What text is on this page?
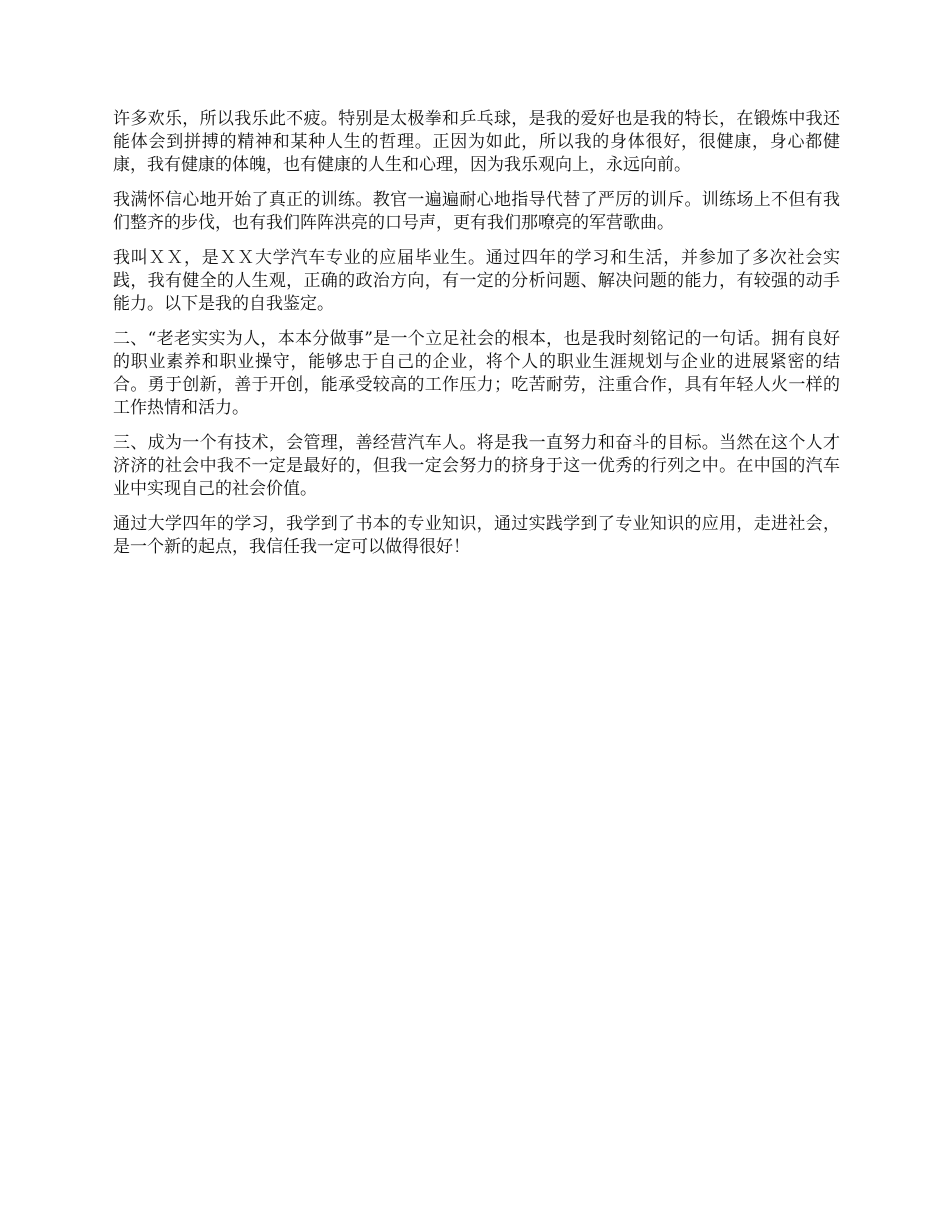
许多欢乐，所以我乐此不疲。特别是太极拳和乒乓球，是我的爱好也是我的特长，在锻炼中我还能体会到拼搏的精神和某种人生的哲理。正因为如此，所以我的身体很好，很健康，身心都健康，我有健康的体魄，也有健康的人生和心理，因为我乐观向上，永远向前。

我满怀信心地开始了真正的训练。教官一遍遍耐心地指导代替了严厉的训斥。训练场上不但有我们整齐的步伐，也有我们阵阵洪亮的口号声，更有我们那嘹亮的军营歌曲。

我叫ＸＸ，是ＸＸ大学汽车专业的应届毕业生。通过四年的学习和生活，并参加了多次社会实践，我有健全的人生观，正确的政治方向，有一定的分析问题、解决问题的能力，有较强的动手能力。以下是我的自我鉴定。

二、“老老实实为人，本本分做事”是一个立足社会的根本，也是我时刻铭记的一句话。拥有良好的职业素养和职业操守，能够忠于自己的企业，将个人的职业生涯规划与企业的进展紧密的结合。勇于创新，善于开创，能承受较高的工作压力；吃苦耐劳，注重合作，具有年轻人火一样的工作热情和活力。

三、成为一个有技术，会管理，善经营汽车人。将是我一直努力和奋斗的目标。当然在这个人才济济的社会中我不一定是最好的，但我一定会努力的挤身于这一优秀的行列之中。在中国的汽车业中实现自己的社会价值。

通过大学四年的学习，我学到了书本的专业知识，通过实践学到了专业知识的应用，走进社会，是一个新的起点，我信任我一定可以做得很好！
